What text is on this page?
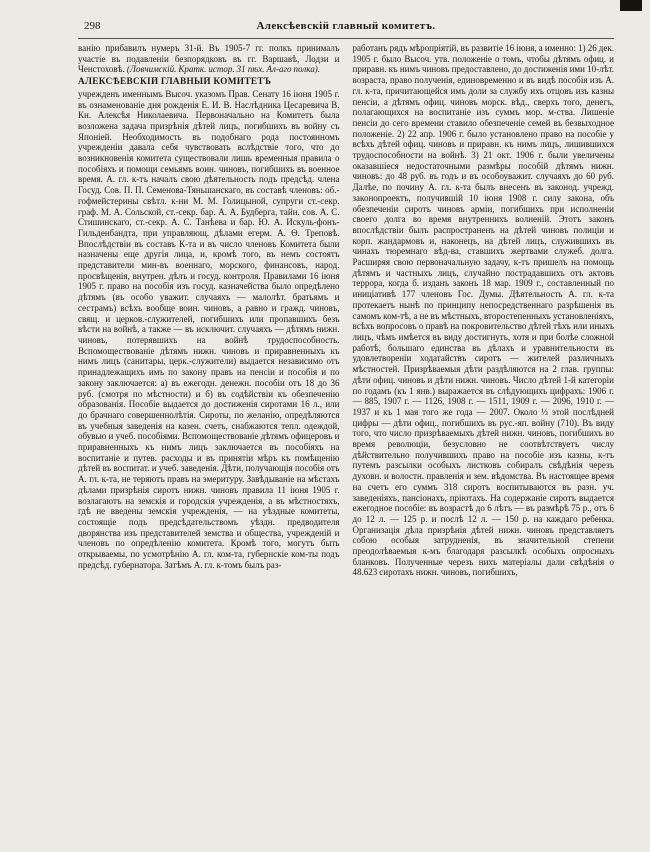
298	Алексѣевскій главный комитетъ.

ванію прибавилъ нумеръ 31-й. Въ 1905-7 гг. полкъ принималъ участіе въ подавленіи безпорядковъ въ гг. Варшавѣ, Лодзи и Ченстоховѣ. (Ловчимскій. Кратк. истор. 31 пѣх. Ал-аго полка).

АЛЕКСѢЕВСКІЙ ГЛАВНЫЙ КОМИТЕТЪ

учрежденъ именнымъ Высоч. указомъ Прав. Сенату 16 іюня 1905 г. въ ознаменованіе дня рожденія Е. И. В. Наслѣдника Цесаревича В. Кн. Алексѣя Николаевича. Первоначально на Комитетъ была возложена задача призрѣнія дѣтей лицъ, погибшихъ въ войну съ Японіей. Необходимость въ подобнаго рода постоянномъ учрежденіи давала себя чувствовать вслѣдствіе того, что до возникновенія комитета существовали лишь временныя правила о пособіяхъ и помощи семьямъ воин. чиновъ, погибшихъ въ военное время. А. гл. к-тъ началъ свою дѣятельность подъ предсѣд. члена Госуд. Сов. П. П. Семенова-Тяньшанскаго, въ составѣ членовъ: об.-гофмейстерины свѣтл. к-ни М. М. Голицыной, супруги ст.-секр. граф. М. А. Сольской, ст.-секр. бар. А. А. Будберга, тайн. сов. А. С. Стишинскаго, ст.-секр. А. С. Танѣева и бар. Ю. А. Искуль-фонъ-Гильденбандта, при управляющ. дѣлами егерм. А. Ѳ. Треповѣ. Впослѣдствіи въ составъ К-та и въ число членовъ Комитета были назначены еще другія лица, и, кромѣ того, въ немъ состоятъ представители мин-въ военнаго, морского, финансовъ, народ. просвѣщенія, внутрен. дѣлъ и госуд. контроля. Правилами 16 іюня 1905 г. право на пособія изъ госуд. казначейства было опредѣлено дѣтямъ (въ особо уважит. случаяхъ — малолѣт. братьямъ и сестрамъ) всѣхъ вообще воин. чиновъ, а равно и гражд. чиновъ, свящ. и церков.-служителей, погибшихъ или пропавшихъ безъ вѣсти на войнѣ, а также — въ исключит. случаяхъ — дѣтямъ нижн. чиновъ, потерявшихъ на войнѣ трудоспособность. Вспомоществованіе дѣтямъ нижн. чиновъ и приравненныхъ къ нимъ лицъ (санитары, церк.-служители) выдается независимо отъ принадлежащихъ имъ по закону правъ на пенсіи и пособія и по закону заключается: а) въ ежегодн. денежн. пособіи отъ 18 до 36 руб. (смотря по мѣстности) и б) въ содѣйствіи къ обезпеченію образованія. Пособіе выдается до достиженія сиротами 16 л., или до брачнаго совершеннолѣтія. Сироты, по желанію, опредѣляются въ учебныя заведенія на казен. счетъ, снабжаются тепл. одеждой, обувью и учеб. пособіями. Вспомоществованіе дѣтямъ офицеровъ и приравненныхъ къ нимъ лицъ заключается въ пособіяхъ на воспитаніе и путев. расходы и въ принятіи мѣръ къ помѣщенію дѣтей въ воспитат. и учеб. заведенія. Дѣти, получающія пособія отъ А. гл. к-та, не теряютъ правъ на эмеритуру. Завѣдываніе на мѣстахъ дѣлами призрѣнія сиротъ нижн. чиновъ правила 11 іюня 1905 г. возлагаютъ на земскія и городскія учрежденія, а въ мѣстностяхъ, гдѣ не введены земскія учрежденія, — на уѣздные комитеты, состоящіе подъ предсѣдательствомъ уѣздн. предводителя дворянства изъ представителей земства и общества, учрежденій и членовъ по опредѣленію комитета. Кромѣ того, могутъ быть открываемы, по усмотрѣнію А. гл. ком-та, губернскіе ком-ты подъ предсѣд. губернатора. Затѣмъ А. гл. к-томъ былъ раз-

работанъ рядъ мѣропріятій, въ развитіе 16 іюня, а именно: 1) 26 дек. 1905 г. было Высоч. утв. положеніе о томъ, чтобы дѣтямъ офиц. и приравн. къ нимъ чиновъ предоставлено, до достиженія ими 10-лѣт. возраста, право полученія, единовременно и въ видѣ пособія изъ А. гл. к-та, причитающейся имъ доли за службу ихъ отцовъ изъ казны пенсіи, а дѣтямъ офиц. чиновъ морск. вѣд., сверхъ того, денегъ, полагающихся на воспитаніе изъ суммъ мор. м-ства. Лишеніе пенсіи до сего времени ставило обезпеченіе семей въ безвыходное положеніе. 2) 22 апр. 1906 г. было установлено право на пособіе у всѣхъ дѣтей офиц. чиновъ и приравн. къ нимъ лицъ, лишившихся трудоспособности на войнѣ. 3) 21 окт. 1906 г. были увеличены оказавшіеся недостаточными размѣры пособій дѣтямъ нижн. чиновъ: до 48 руб. въ годъ и въ особоуважит. случаяхъ до 60 руб. Далѣе, по почину А. гл. к-та былъ внесенъ въ законод. учрежд. законопроектъ, получившій 10 іюня 1908 г. силу закона, объ обезпеченіи сиротъ чиновъ арміи, погибшихъ при исполненіи своего долга во время внутреннихъ волненій. Этотъ законъ впослѣдствіи былъ распространенъ на дѣтей чиновъ полиціи и корп. жандармовъ и, наконецъ, на дѣтей лицъ, служившихъ въ чинахъ тюремнаго вѣд-ва, ставшихъ жертвами служеб. долга. Расширяя свою первоначальную задачу, к-тъ пришелъ на помощь дѣтямъ и частныхъ лицъ, случайно пострадавшихъ отъ актовъ террора, когда б. изданъ законъ 18 мар. 1909 г., составленный по иниціативѣ 177 членовъ Гос. Думы. Дѣятельность А. гл. к-та протекаетъ нынѣ по принципу непосредственнаго разрѣшенія въ самомъ ком-тѣ, а не въ мѣстныхъ, второстепенныхъ установленіяхъ, всѣхъ вопросовъ о правѣ на покровительство дѣтей тѣхъ или иныхъ лицъ, чѣмъ имѣется въ виду достигнуть, хотя и при болѣе сложной работѣ, большаго единства въ дѣлахъ и уравнительности въ удовлетвореніи ходатайствъ сиротъ — жителей различныхъ мѣстностей. Призрѣваемыя дѣти раздѣляются на 2 глав. группы: дѣти офиц. чиновъ и дѣти нижн. чиновъ. Число дѣтей 1-й категоріи по годамъ (къ 1 янв.) выражается въ слѣдующихъ цифрахъ: 1906 г. — 885, 1907 г. — 1126, 1908 г. — 1511, 1909 г. — 2096, 1910 г. — 1937 и къ 1 мая того же года — 2007. Около ⅓ этой послѣдней цифры — дѣти офиц., погибшихъ въ рус.-яп. войну (710). Въ виду того, что число призрѣваемыхъ дѣтей нижн. чиновъ, погибшихъ во время революціи, безусловно не соотвѣтствуетъ числу дѣйствительно получившихъ право на пособіе изъ казны, к-тъ путемъ разсылки особыхъ листковъ собиралъ свѣдѣнія черезъ духовн. и волостн. правленія и зем. вѣдомства. Въ настоящее время на счетъ его суммъ 318 сиротъ воспитываются въ разн. уч. заведеніяхъ, пансіонахъ, пріютахъ. На содержаніе сиротъ выдается ежегодное пособіе: въ возрастѣ до 6 лѣтъ — въ размѣрѣ 75 р., отъ 6 до 12 л. — 125 р. и послѣ 12 л. — 150 р. на каждаго ребенка. Организація дѣла призрѣнія дѣтей нижн. чиновъ представляетъ собою особыя затрудненія, въ значительной степени преодолѣваемыя к-мъ благодаря разсылкѣ особыхъ опросныхъ бланковъ. Полученные черезъ нихъ матеріалы дали свѣдѣнія о 48.623 сиротахъ нижн. чиновъ, погибшихъ,
